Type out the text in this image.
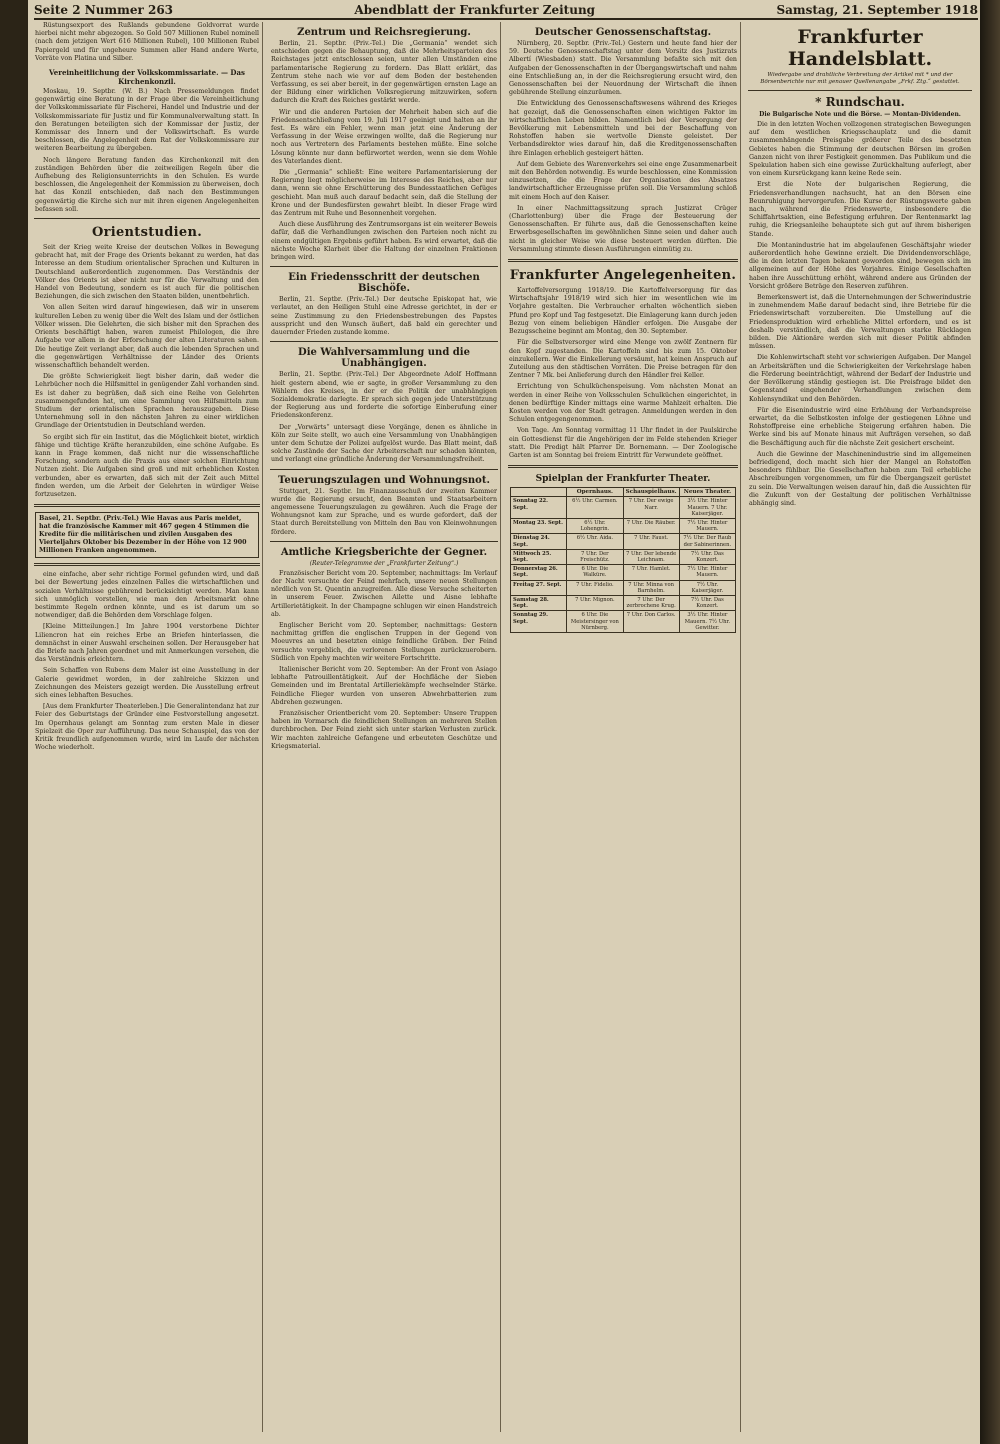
Seite 2 Nummer 263	Abendblatt der Frankfurter Zeitung	Samstag, 21. September 1918

Rüstungsexport des Rußlands gebundene Goldvorrat wurde hierbei nicht mehr abgezogen. So Gold 507 Millionen Rubel nominell (nach dem jetzigen Wert 616 Millionen Rubel), 100 Millionen Rubel Papiergeld und für ungeheure Summen aller Hand andere Werte, Vorräte von Platina und Silber.

Vereinheitlichung der Volkskommissariate. — Das Kirchenkonzil.

Moskau, 19. Septbr. (W. B.) Nach Pressemeldungen findet gegenwärtig eine Beratung in der Frage über die Vereinheitlichung der Volkskommissariate für Fischerei, Handel und Industrie und der Volkskommissariate für Justiz und für Kommunalverwaltung statt. In den Beratungen beteiligten sich der Kommissar der Justiz, der Kommissar des Innern und der Volkswirtschaft. Es wurde beschlossen, die Angelegenheit dem Rat der Volkskommissare zur weiteren Bearbeitung zu übergeben.

Noch längere Beratung fanden das Kirchenkonzil mit den zuständigen Behörden über die zeitweiligen Regeln über die Aufhebung des Religionsunterrichts in den Schulen. Es wurde beschlossen, die Angelegenheit der Kommission zu überweisen, doch hat das Konzil entschieden, daß nach den Bestimmungen gegenwärtig die Kirche sich nur mit ihren eigenen Angelegenheiten befassen soll.

Orientstudien.

Seit der Krieg weite Kreise der deutschen Volkes in Bewegung gebracht hat, mit der Frage des Orients bekannt zu werden, hat das Interesse an dem Studium orientalischer Sprachen und Kulturen in Deutschland außerordentlich zugenommen. Das Verständnis der Völker des Orients ist aber nicht nur für die Verwaltung und den Handel von Bedeutung, sondern es ist auch für die politischen Beziehungen, die sich zwischen den Staaten bilden, unentbehrlich.

Von allen Seiten wird darauf hingewiesen, daß wir in unserem kulturellen Leben zu wenig über die Welt des Islam und der östlichen Völker wissen. Die Gelehrten, die sich bisher mit den Sprachen des Orients beschäftigt haben, waren zumeist Philologen, die ihre Aufgabe vor allem in der Erforschung der alten Literaturen sahen. Die heutige Zeit verlangt aber, daß auch die lebenden Sprachen und die gegenwärtigen Verhältnisse der Länder des Orients wissenschaftlich behandelt werden.

Die größte Schwierigkeit liegt bisher darin, daß weder die Lehrbücher noch die Hilfsmittel in genügender Zahl vorhanden sind. Es ist daher zu begrüßen, daß sich eine Reihe von Gelehrten zusammengefunden hat, um eine Sammlung von Hilfsmitteln zum Studium der orientalischen Sprachen herauszugeben. Diese Unternehmung soll in den nächsten Jahren zu einer wirklichen Grundlage der Orientstudien in Deutschland werden.

So ergibt sich für ein Institut, das die Möglichkeit bietet, wirklich fähige und tüchtige Kräfte heranzubilden, eine schöne Aufgabe. Es kann in Frage kommen, daß nicht nur die wissenschaftliche Forschung, sondern auch die Praxis aus einer solchen Einrichtung Nutzen zieht. Die Aufgaben sind groß und mit erheblichen Kosten verbunden, aber es erwarten, daß sich mit der Zeit auch Mittel finden werden, um die Arbeit der Gelehrten in würdiger Weise fortzusetzen.

Basel, 21. Septbr. (Priv.-Tel.) Wie Havas aus Paris meldet, hat die französische Kammer mit 467 gegen 4 Stimmen die Kredite für die militärischen und zivilen Ausgaben des Vierteljahrs Oktober bis Dezember in der Höhe von 12 900 Millionen Franken angenommen.

eine einfache, aber sehr richtige Formel gefunden wird, und daß bei der Bewertung jedes einzelnen Falles die wirtschaftlichen und sozialen Verhältnisse gebührend berücksichtigt werden. Man kann sich unmöglich vorstellen, wie man den Arbeitsmarkt ohne bestimmte Regeln ordnen könnte, und es ist darum um so notwendiger, daß die Behörden dem Vorschlage folgen.

[Kleine Mitteilungen.] Im Jahre 1904 verstorbene Dichter Liliencron hat ein reiches Erbe an Briefen hinterlassen, die demnächst in einer Auswahl erscheinen sollen. Der Herausgeber hat die Briefe nach Jahren geordnet und mit Anmerkungen versehen, die das Verständnis erleichtern.

Sein Schaffen von Rubens dem Maler ist eine Ausstellung in der Galerie gewidmet worden, in der zahlreiche Skizzen und Zeichnungen des Meisters gezeigt werden. Die Ausstellung erfreut sich eines lebhaften Besuches.

[Aus dem Frankfurter Theaterleben.] Die Generalintendanz hat zur Feier des Geburtstags der Gründer eine Festvorstellung angesetzt. Im Opernhaus gelangt am Sonntag zum ersten Male in dieser Spielzeit die Oper zur Aufführung. Das neue Schauspiel, das von der Kritik freundlich aufgenommen wurde, wird im Laufe der nächsten Woche wiederholt.

Zentrum und Reichsregierung.

Berlin, 21. Septbr. (Priv.-Tel.) Die „Germania“ wendet sich entschieden gegen die Behauptung, daß die Mehrheitsparteien des Reichstages jetzt entschlossen seien, unter allen Umständen eine parlamentarische Regierung zu fordern. Das Blatt erklärt, das Zentrum stehe nach wie vor auf dem Boden der bestehenden Verfassung, es sei aber bereit, in der gegenwärtigen ernsten Lage an der Bildung einer wirklichen Volksregierung mitzuwirken, sofern dadurch die Kraft des Reiches gestärkt werde.

Wir und die anderen Parteien der Mehrheit haben sich auf die Friedensentschließung vom 19. Juli 1917 geeinigt und halten an ihr fest. Es wäre ein Fehler, wenn man jetzt eine Änderung der Verfassung in der Weise erzwingen wollte, daß die Regierung nur noch aus Vertretern des Parlaments bestehen müßte. Eine solche Lösung könnte nur dann befürwortet werden, wenn sie dem Wohle des Vaterlandes dient.

Die „Germania“ schließt: Eine weitere Parlamentarisierung der Regierung liegt möglicherweise im Interesse des Reiches, aber nur dann, wenn sie ohne Erschütterung des Bundesstaatlichen Gefüges geschieht. Man muß auch darauf bedacht sein, daß die Stellung der Krone und der Bundesfürsten gewahrt bleibt. In dieser Frage wird das Zentrum mit Ruhe und Besonnenheit vorgehen.

Auch diese Ausführung des Zentrumsorgans ist ein weiterer Beweis dafür, daß die Verhandlungen zwischen den Parteien noch nicht zu einem endgültigen Ergebnis geführt haben. Es wird erwartet, daß die nächste Woche Klarheit über die Haltung der einzelnen Fraktionen bringen wird.

Ein Friedensschritt der deutschen Bischöfe.

Berlin, 21. Septbr. (Priv.-Tel.) Der deutsche Episkopat hat, wie verlautet, an den Heiligen Stuhl eine Adresse gerichtet, in der er seine Zustimmung zu den Friedensbestrebungen des Papstes ausspricht und den Wunsch äußert, daß bald ein gerechter und dauernder Frieden zustande komme.

Die Wahlversammlung und die Unabhängigen.

Berlin, 21. Septbr. (Priv.-Tel.) Der Abgeordnete Adolf Hoffmann hielt gestern abend, wie er sagte, in großer Versammlung zu den Wählern des Kreises, in der er die Politik der unabhängigen Sozialdemokratie darlegte. Er sprach sich gegen jede Unterstützung der Regierung aus und forderte die sofortige Einberufung einer Friedenskonferenz.

Der „Vorwärts“ untersagt diese Vorgänge, denen es ähnliche in Köln zur Seite stellt, wo auch eine Versammlung von Unabhängigen unter dem Schutze der Polizei aufgelöst wurde. Das Blatt meint, daß solche Zustände der Sache der Arbeiterschaft nur schaden könnten, und verlangt eine gründliche Änderung der Versammlungsfreiheit.

Teuerungszulagen und Wohnungsnot.

Stuttgart, 21. Septbr. Im Finanzausschuß der zweiten Kammer wurde die Regierung ersucht, den Beamten und Staatsarbeitern angemessene Teuerungszulagen zu gewähren. Auch die Frage der Wohnungsnot kam zur Sprache, und es wurde gefordert, daß der Staat durch Bereitstellung von Mitteln den Bau von Kleinwohnungen fördere.

Amtliche Kriegsberichte der Gegner.
(Reuter-Telegramme der „Frankfurter Zeitung“.)

Französischer Bericht vom 20. September, nachmittags: Im Verlauf der Nacht versuchte der Feind mehrfach, unsere neuen Stellungen nördlich von St. Quentin anzugreifen. Alle diese Versuche scheiterten in unserem Feuer. Zwischen Ailette und Aisne lebhafte Artillerietätigkeit. In der Champagne schlugen wir einen Handstreich ab.

Englischer Bericht vom 20. September, nachmittags: Gestern nachmittag griffen die englischen Truppen in der Gegend von Moeuvres an und besetzten einige feindliche Gräben. Der Feind versuchte vergeblich, die verlorenen Stellungen zurückzuerobern. Südlich von Epehy machten wir weitere Fortschritte.

Italienischer Bericht vom 20. September: An der Front von Asiago lebhafte Patrouillentätigkeit. Auf der Hochfläche der Sieben Gemeinden und im Brentatal Artilleriekämpfe wechselnder Stärke. Feindliche Flieger wurden von unseren Abwehrbatterien zum Abdrehen gezwungen.

Französischer Orientbericht vom 20. September: Unsere Truppen haben im Vormarsch die feindlichen Stellungen an mehreren Stellen durchbrochen. Der Feind zieht sich unter starken Verlusten zurück. Wir machten zahlreiche Gefangene und erbeuteten Geschütze und Kriegsmaterial.

Deutscher Genossenschaftstag.

Nürnberg, 20. Septbr. (Priv.-Tel.) Gestern und heute fand hier der 59. Deutsche Genossenschaftstag unter dem Vorsitz des Justizrats Albertí (Wiesbaden) statt. Die Versammlung befaßte sich mit den Aufgaben der Genossenschaften in der Übergangswirtschaft und nahm eine Entschließung an, in der die Reichsregierung ersucht wird, den Genossenschaften bei der Neuordnung der Wirtschaft die ihnen gebührende Stellung einzuräumen.

Die Entwicklung des Genossenschaftswesens während des Krieges hat gezeigt, daß die Genossenschaften einen wichtigen Faktor im wirtschaftlichen Leben bilden. Namentlich bei der Versorgung der Bevölkerung mit Lebensmitteln und bei der Beschaffung von Rohstoffen haben sie wertvolle Dienste geleistet. Der Verbandsdirektor wies darauf hin, daß die Kreditgenossenschaften ihre Einlagen erheblich gesteigert hätten.

Auf dem Gebiete des Warenverkehrs sei eine enge Zusammenarbeit mit den Behörden notwendig. Es wurde beschlossen, eine Kommission einzusetzen, die die Frage der Organisation des Absatzes landwirtschaftlicher Erzeugnisse prüfen soll. Die Versammlung schloß mit einem Hoch auf den Kaiser.

In einer Nachmittagssitzung sprach Justizrat Crüger (Charlottenburg) über die Frage der Besteuerung der Genossenschaften. Er führte aus, daß die Genossenschaften keine Erwerbsgesellschaften im gewöhnlichen Sinne seien und daher auch nicht in gleicher Weise wie diese besteuert werden dürften. Die Versammlung stimmte diesen Ausführungen einmütig zu.

Frankfurter Angelegenheiten.

Kartoffelversorgung 1918/19. Die Kartoffelversorgung für das Wirtschaftsjahr 1918/19 wird sich hier im wesentlichen wie im Vorjahre gestalten. Die Verbraucher erhalten wöchentlich sieben Pfund pro Kopf und Tag festgesetzt. Die Einlagerung kann durch jeden Bezug von einem beliebigen Händler erfolgen. Die Ausgabe der Bezugsscheine beginnt am Montag, den 30. September.

Für die Selbstversorger wird eine Menge von zwölf Zentnern für den Kopf zugestanden. Die Kartoffeln sind bis zum 15. Oktober einzukellern. Wer die Einkellerung versäumt, hat keinen Anspruch auf Zuteilung aus den städtischen Vorräten. Die Preise betragen für den Zentner 7 Mk. bei Anlieferung durch den Händler frei Keller.

Errichtung von Schulküchenspeisung. Vom nächsten Monat an werden in einer Reihe von Volksschulen Schulküchen eingerichtet, in denen bedürftige Kinder mittags eine warme Mahlzeit erhalten. Die Kosten werden von der Stadt getragen. Anmeldungen werden in den Schulen entgegengenommen.

Von Tage. Am Sonntag vormittag 11 Uhr findet in der Paulskirche ein Gottesdienst für die Angehörigen der im Felde stehenden Krieger statt. Die Predigt hält Pfarrer Dr. Bornemann. — Der Zoologische Garten ist am Sonntag bei freiem Eintritt für Verwundete geöffnet.

Spielplan der Frankfurter Theater.
	Opernhaus.	Schauspielhaus.	Neues Theater.
Sonntag 22. Sept.	6½ Uhr. Carmen.	7 Uhr. Der ewige Narr.	3½ Uhr. Hinter Mauern. 7 Uhr. Kaiserjäger.
Montag 23. Sept.	6½ Uhr. Lohengrin.	7 Uhr. Die Räuber.	7½ Uhr. Hinter Mauern.
Dienstag 24. Sept.	6½ Uhr. Aida.	7 Uhr. Faust.	7½ Uhr. Der Raub der Sabinerinnen.
Mittwoch 25. Sept.	7 Uhr. Der Freischütz.	7 Uhr. Der lebende Leichnam.	7½ Uhr. Das Konzert.
Donnerstag 26. Sept.	6 Uhr. Die Walküre.	7 Uhr. Hamlet.	7½ Uhr. Hinter Mauern.
Freitag 27. Sept.	7 Uhr. Fidelio.	7 Uhr. Minna von Barnhelm.	7½ Uhr. Kaiserjäger.
Samstag 28. Sept.	7 Uhr. Mignon.	7 Uhr. Der zerbrochene Krug.	7½ Uhr. Das Konzert.
Sonntag 29. Sept.	6 Uhr. Die Meistersinger von Nürnberg.	7 Uhr. Don Carlos.	3½ Uhr. Hinter Mauern. 7½ Uhr. Gewitter.
Frankfurter Handelsblatt.
Wiedergabe und drahtliche Verbreitung der Artikel mit * und der Börsenberichte nur mit genauer Quellenangabe „Frkf. Ztg.“ gestattet.
* Rundschau.
Die Bulgarische Note und die Börse. — Montan-Dividenden.

Die in den letzten Wochen vollzogenen strategischen Bewegungen auf dem westlichen Kriegsschauplatz und die damit zusammenhängende Preisgabe größerer Teile des besetzten Gebietes haben die Stimmung der deutschen Börsen im großen Ganzen nicht von ihrer Festigkeit genommen. Das Publikum und die Spekulation haben sich eine gewisse Zurückhaltung auferlegt, aber von einem Kursrückgang kann keine Rede sein.

Erst die Note der bulgarischen Regierung, die Friedensverhandlungen nachsucht, hat an den Börsen eine Beunruhigung hervorgerufen. Die Kurse der Rüstungswerte gaben nach, während die Friedenswerte, insbesondere die Schiffahrtsaktien, eine Befestigung erfuhren. Der Rentenmarkt lag ruhig, die Kriegsanleihe behauptete sich gut auf ihrem bisherigen Stande.

Die Montanindustrie hat im abgelaufenen Geschäftsjahr wieder außerordentlich hohe Gewinne erzielt. Die Dividendenvorschläge, die in den letzten Tagen bekannt geworden sind, bewegen sich im allgemeinen auf der Höhe des Vorjahres. Einige Gesellschaften haben ihre Ausschüttung erhöht, während andere aus Gründen der Vorsicht größere Beträge den Reserven zuführen.

Bemerkenswert ist, daß die Unternehmungen der Schwerindustrie in zunehmendem Maße darauf bedacht sind, ihre Betriebe für die Friedenswirtschaft vorzubereiten. Die Umstellung auf die Friedensproduktion wird erhebliche Mittel erfordern, und es ist deshalb verständlich, daß die Verwaltungen starke Rücklagen bilden. Die Aktionäre werden sich mit dieser Politik abfinden müssen.

Die Kohlenwirtschaft steht vor schwierigen Aufgaben. Der Mangel an Arbeitskräften und die Schwierigkeiten der Verkehrslage haben die Förderung beeinträchtigt, während der Bedarf der Industrie und der Bevölkerung ständig gestiegen ist. Die Preisfrage bildet den Gegenstand eingehender Verhandlungen zwischen dem Kohlensyndikat und den Behörden.

Für die Eisenindustrie wird eine Erhöhung der Verbandspreise erwartet, da die Selbstkosten infolge der gestiegenen Löhne und Rohstoffpreise eine erhebliche Steigerung erfahren haben. Die Werke sind bis auf Monate hinaus mit Aufträgen versehen, so daß die Beschäftigung auch für die nächste Zeit gesichert erscheint.

Auch die Gewinne der Maschinenindustrie sind im allgemeinen befriedigend, doch macht sich hier der Mangel an Rohstoffen besonders fühlbar. Die Gesellschaften haben zum Teil erhebliche Abschreibungen vorgenommen, um für die Übergangszeit gerüstet zu sein. Die Verwaltungen weisen darauf hin, daß die Aussichten für die Zukunft von der Gestaltung der politischen Verhältnisse abhängig sind.
